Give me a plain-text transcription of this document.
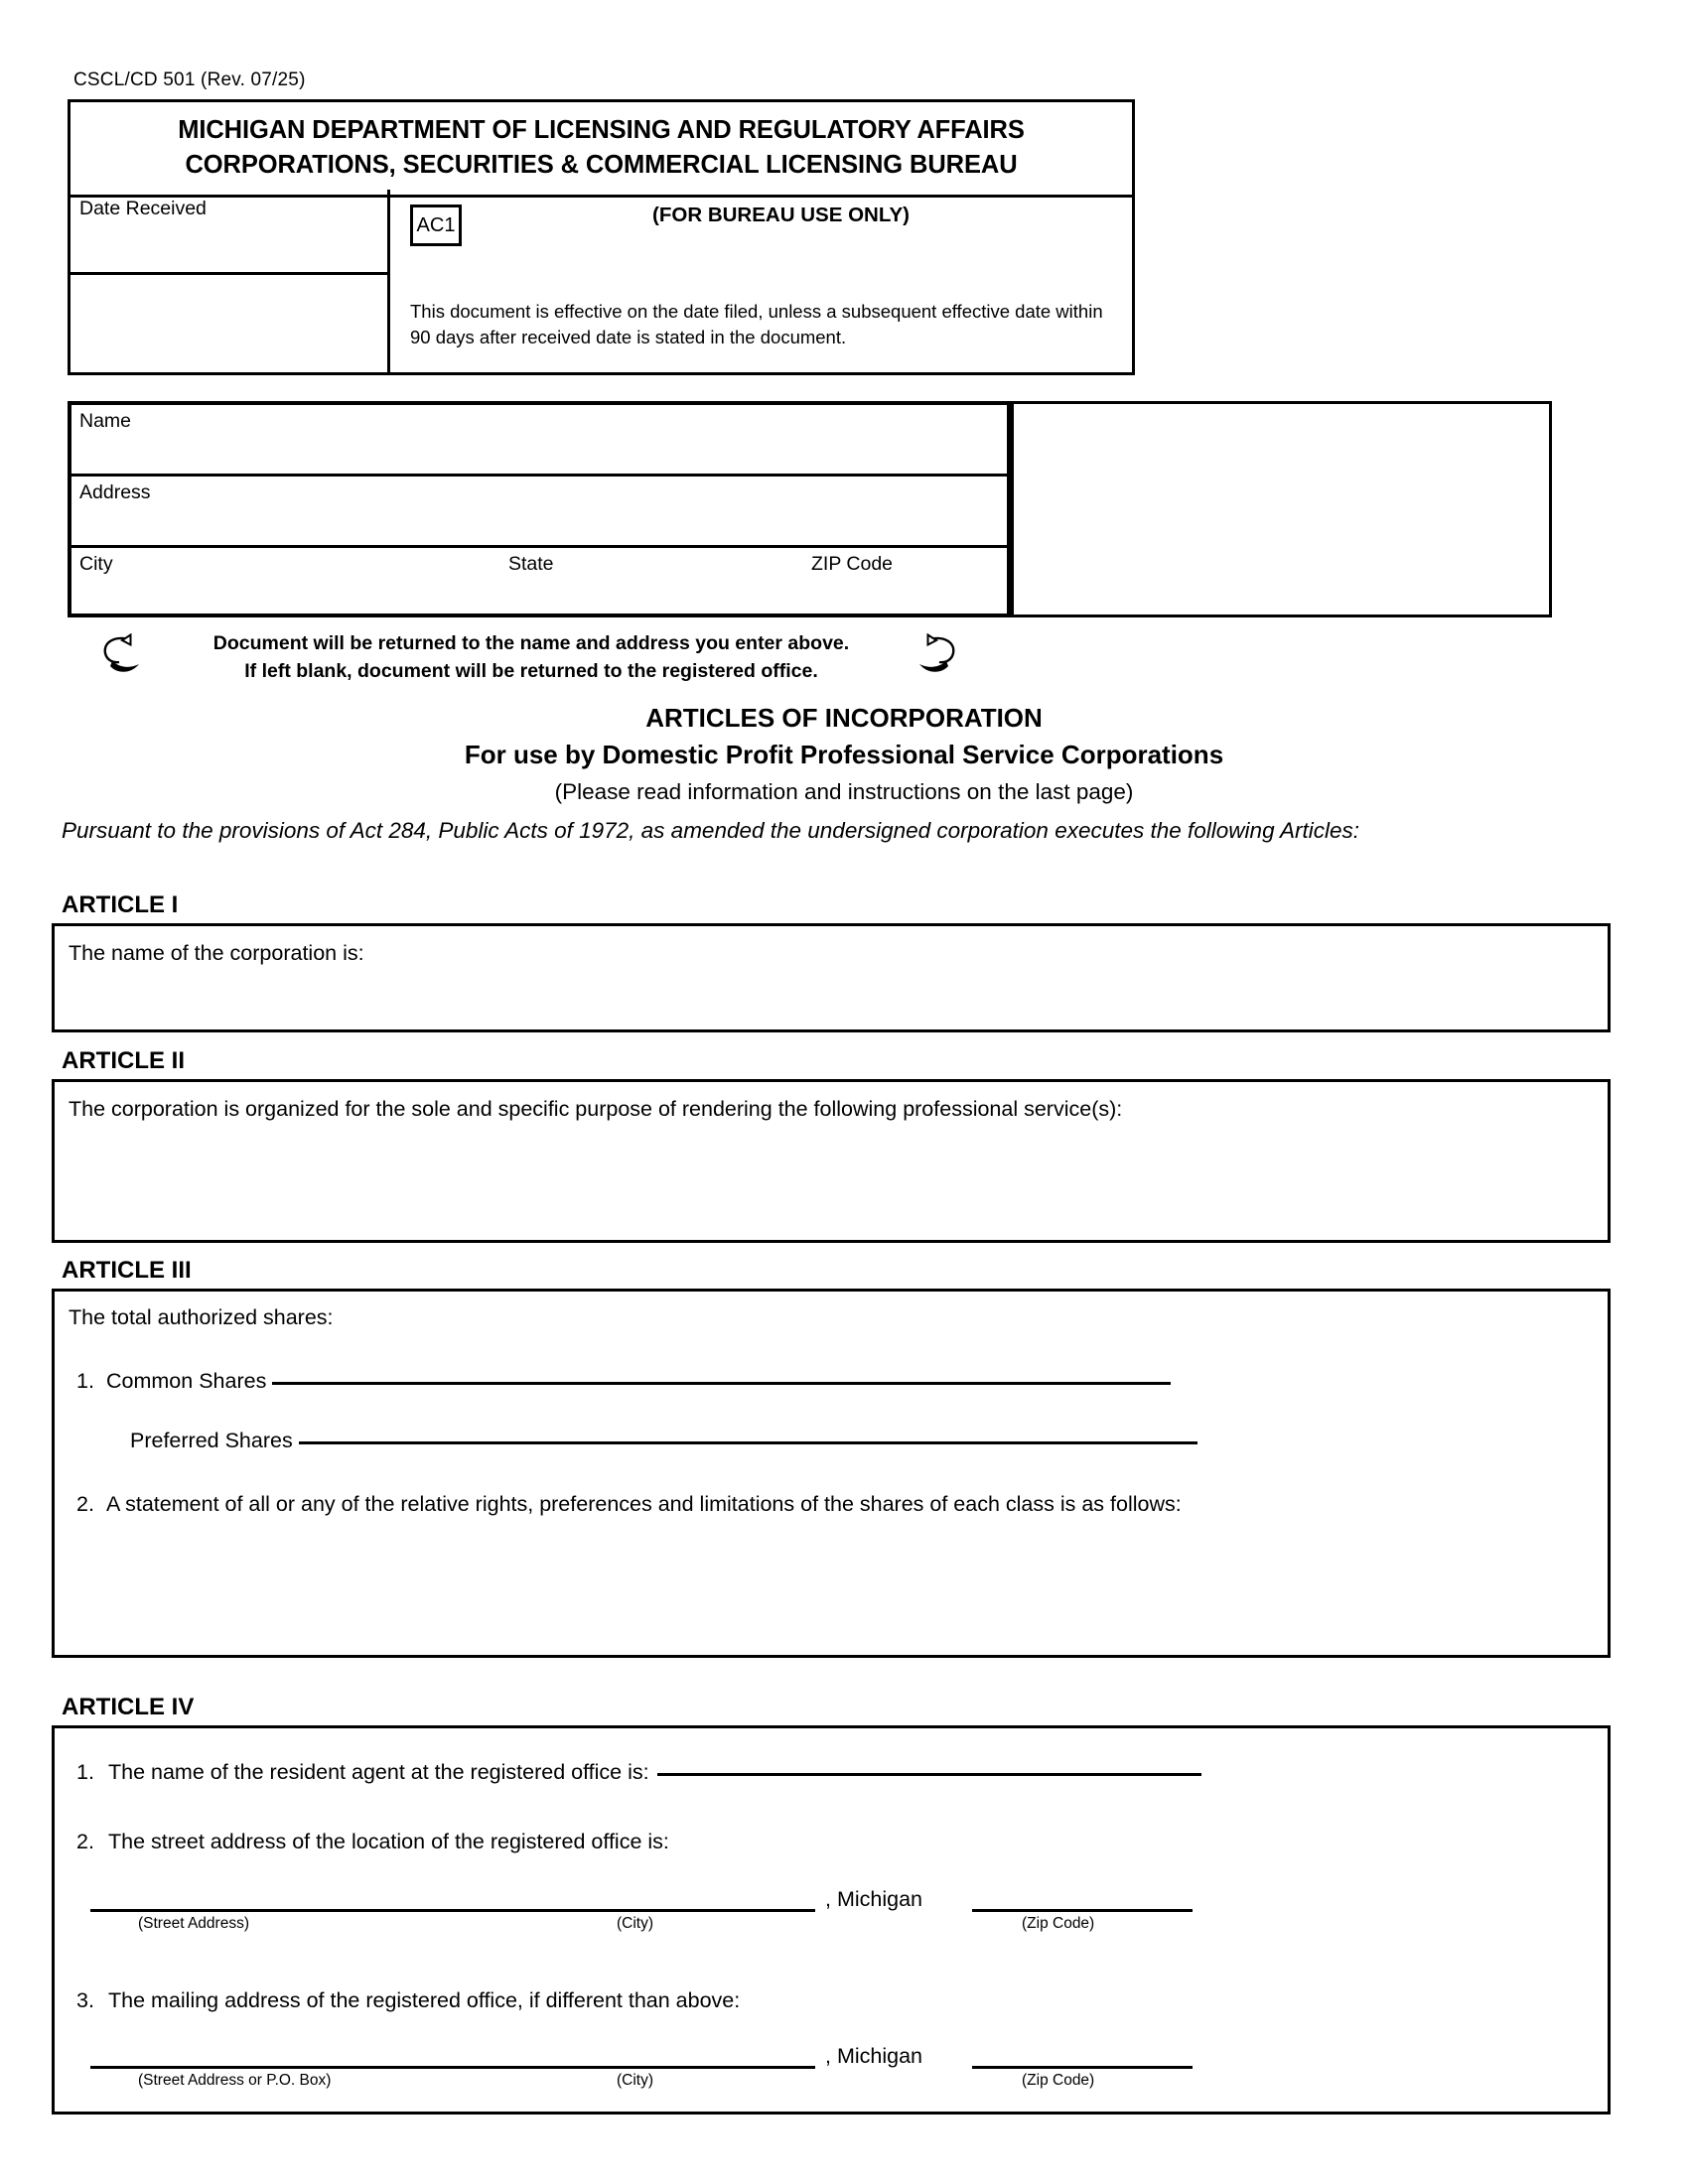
CSCL/CD 501 (Rev. 07/25)
MICHIGAN DEPARTMENT OF LICENSING AND REGULATORY AFFAIRS
CORPORATIONS, SECURITIES & COMMERCIAL LICENSING BUREAU
Date Received
AC1	(FOR BUREAU USE ONLY)
This document is effective on the date filed, unless a subsequent effective date within 90 days after received date is stated in the document.
Name
Address
City	State	ZIP Code
Document will be returned to the name and address you enter above.
If left blank, document will be returned to the registered office.
ARTICLES OF INCORPORATION
For use by Domestic Profit Professional Service Corporations
(Please read information and instructions on the last page)
Pursuant to the provisions of Act 284, Public Acts of 1972, as amended the undersigned corporation executes the following Articles:
ARTICLE I
The name of the corporation is:
ARTICLE II
The corporation is organized for the sole and specific purpose of rendering the following professional service(s):
ARTICLE III
The total authorized shares:
1. Common Shares
Preferred Shares
2. A statement of all or any of the relative rights, preferences and limitations of the shares of each class is as follows:
ARTICLE IV
1. The name of the resident agent at the registered office is:
2. The street address of the location of the registered office is:
, Michigan
(Street Address)	(City)	(Zip Code)
3. The mailing address of the registered office, if different than above:
, Michigan
(Street Address or P.O. Box)	(City)	(Zip Code)
